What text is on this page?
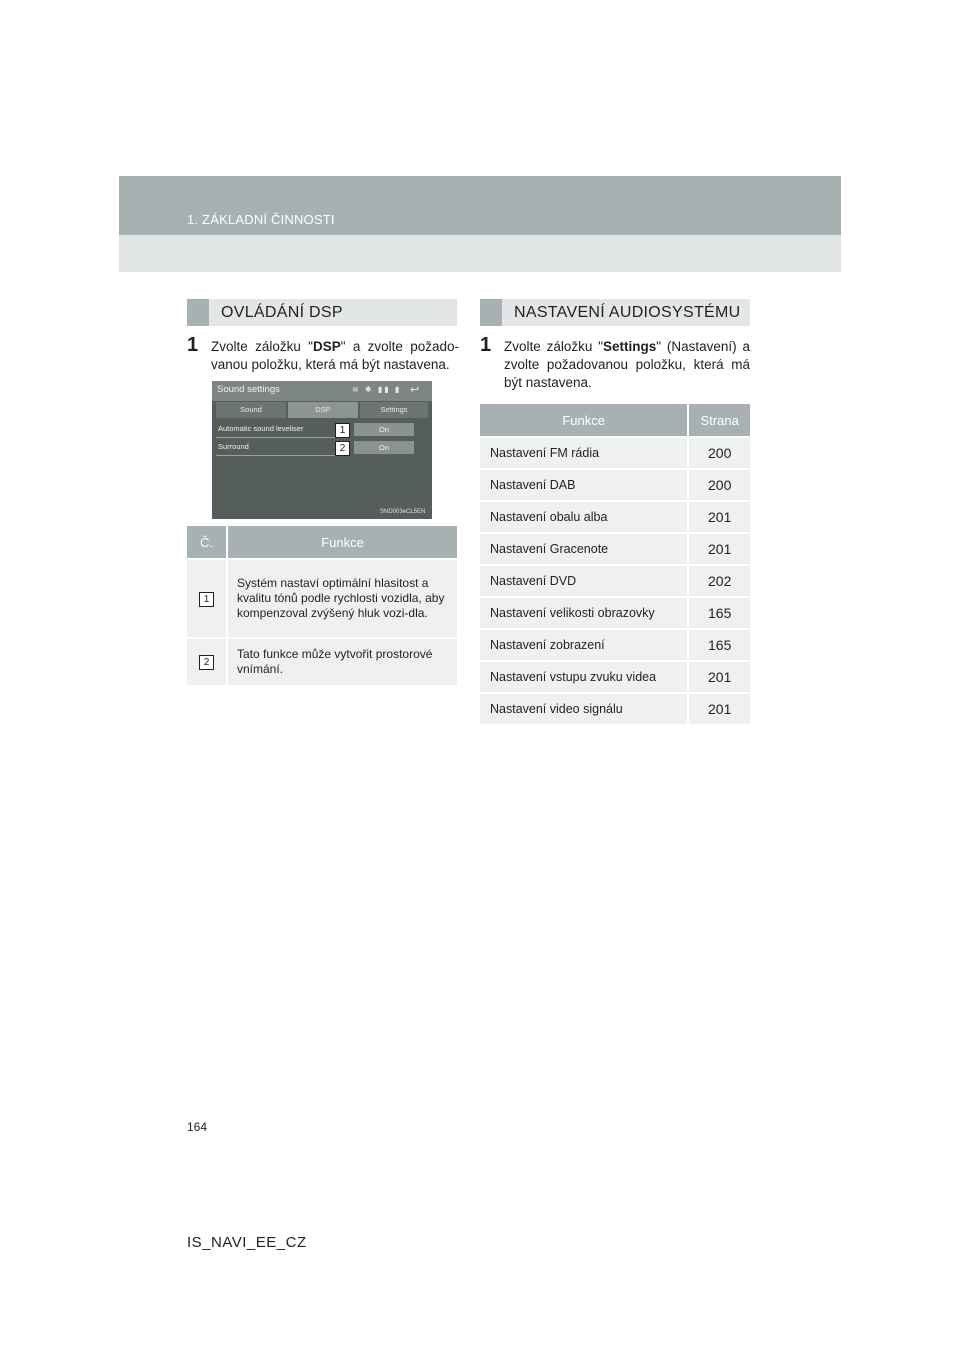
1. ZÁKLADNÍ ČINNOSTI
OVLÁDÁNÍ DSP
1 Zvolte záložku "DSP" a zvolte požado-vanou položku, která má být nastavena.
Sound settings	≋ ✱ ▮▮ ▮ ↩
Sound	DSP	Settings
Automatic sound leveliser	On
Surround	On
1
2
SND003eCL5EN
Č.	Funkce
1	Systém nastaví optimální hlasitost a kvalitu tónů podle rychlosti vozidla, aby kompenzoval zvýšený hluk vozi-dla.
2	Tato funkce může vytvořit prostorové vnímání.
NASTAVENÍ AUDIOSYSTÉMU
1 Zvolte záložku "Settings" (Nastavení) a zvolte požadovanou položku, která má být nastavena.
Funkce	Strana
Nastavení FM rádia	200
Nastavení DAB	200
Nastavení obalu alba	201
Nastavení Gracenote	201
Nastavení DVD	202
Nastavení velikosti obrazovky	165
Nastavení zobrazení	165
Nastavení vstupu zvuku videa	201
Nastavení video signálu	201
164
IS_NAVI_EE_CZ
